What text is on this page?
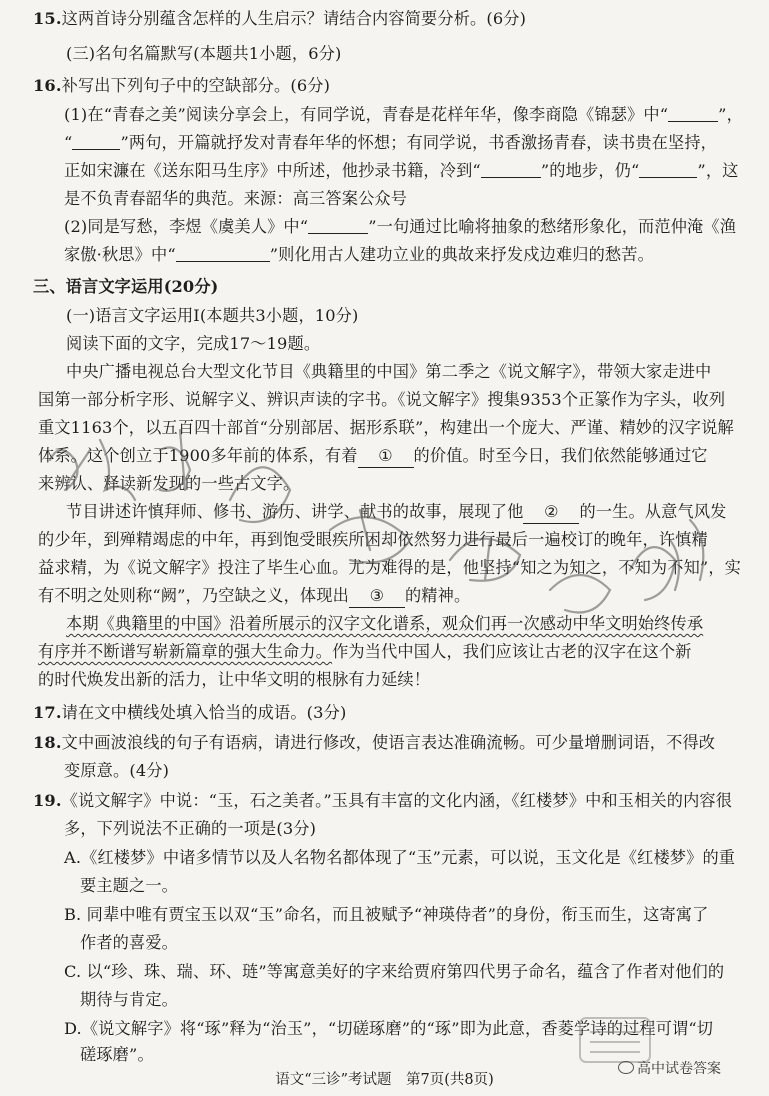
15.这两首诗分别蕴含怎样的人生启示？请结合内容简要分析。(6分)
(三)名句名篇默写(本题共1小题，6分)
16.补写出下列句子中的空缺部分。(6分)
(1)在“青春之美”阅读分享会上，有同学说，青春是花样年华，像李商隐《锦瑟》中“	”，
“	”两句，开篇就抒发对青春年华的怀想；有同学说，书香激扬青春，读书贵在坚持，
正如宋濂在《送东阳马生序》中所述，他抄录书籍，冷到“	”的地步，仍“	”，这
是不负青春韶华的典范。来源：高三答案公众号
(2)同是写愁，李煜《虞美人》中“	”一句通过比喻将抽象的愁绪形象化，而范仲淹《渔
家傲·秋思》中“	”则化用古人建功立业的典故来抒发戍边难归的愁苦。
三、语言文字运用(20分)
(一)语言文字运用Ⅰ(本题共3小题，10分)
阅读下面的文字，完成17～19题。
中央广播电视总台大型文化节目《典籍里的中国》第二季之《说文解字》，带领大家走进中
国第一部分析字形、说解字义、辨识声读的字书。《说文解字》搜集9353个正篆作为字头，收列
重文1163个，以五百四十部首“分别部居、据形系联”，构建出一个庞大、严谨、精妙的汉字说解
体系。这个创立于1900多年前的体系，有着 ① 的价值。时至今日，我们依然能够通过它
来辨认、释读新发现的一些古文字。
节目讲述许慎拜师、修书、游历、讲学、献书的故事，展现了他 ② 的一生。从意气风发
的少年，到殚精竭虑的中年，再到饱受眼疾所困却依然努力进行最后一遍校订的晚年，许慎精
益求精，为《说文解字》投注了毕生心血。尤为难得的是，他坚持“知之为知之，不知为不知”，实
有不明之处则称“阙”，乃空缺之义，体现出 ③ 的精神。
本期《典籍里的中国》沿着所展示的汉字文化谱系，观众们再一次感动中华文明始终传承
有序并不断谱写崭新篇章的强大生命力。作为当代中国人，我们应该让古老的汉字在这个新
的时代焕发出新的活力，让中华文明的根脉有力延续！
17.请在文中横线处填入恰当的成语。(3分)
18.文中画波浪线的句子有语病，请进行修改，使语言表达准确流畅。可少量增删词语，不得改
变原意。(4分)
19.《说文解字》中说：“玉，石之美者。”玉具有丰富的文化内涵，《红楼梦》中和玉相关的内容很
多，下列说法不正确的一项是(3分)
A.《红楼梦》中诸多情节以及人名物名都体现了“玉”元素，可以说，玉文化是《红楼梦》的重
要主题之一。
B. 同辈中唯有贾宝玉以双“玉”命名，而且被赋予“神瑛侍者”的身份，衔玉而生，这寄寓了
作者的喜爱。
C. 以“珍、珠、瑞、环、琏”等寓意美好的字来给贾府第四代男子命名，蕴含了作者对他们的
期待与肯定。
D.《说文解字》将“琢”释为“治玉”，“切磋琢磨”的“琢”即为此意，香菱学诗的过程可谓“切
磋琢磨”。
语文“三诊”考试题　第7页(共8页)
高中试卷答案
